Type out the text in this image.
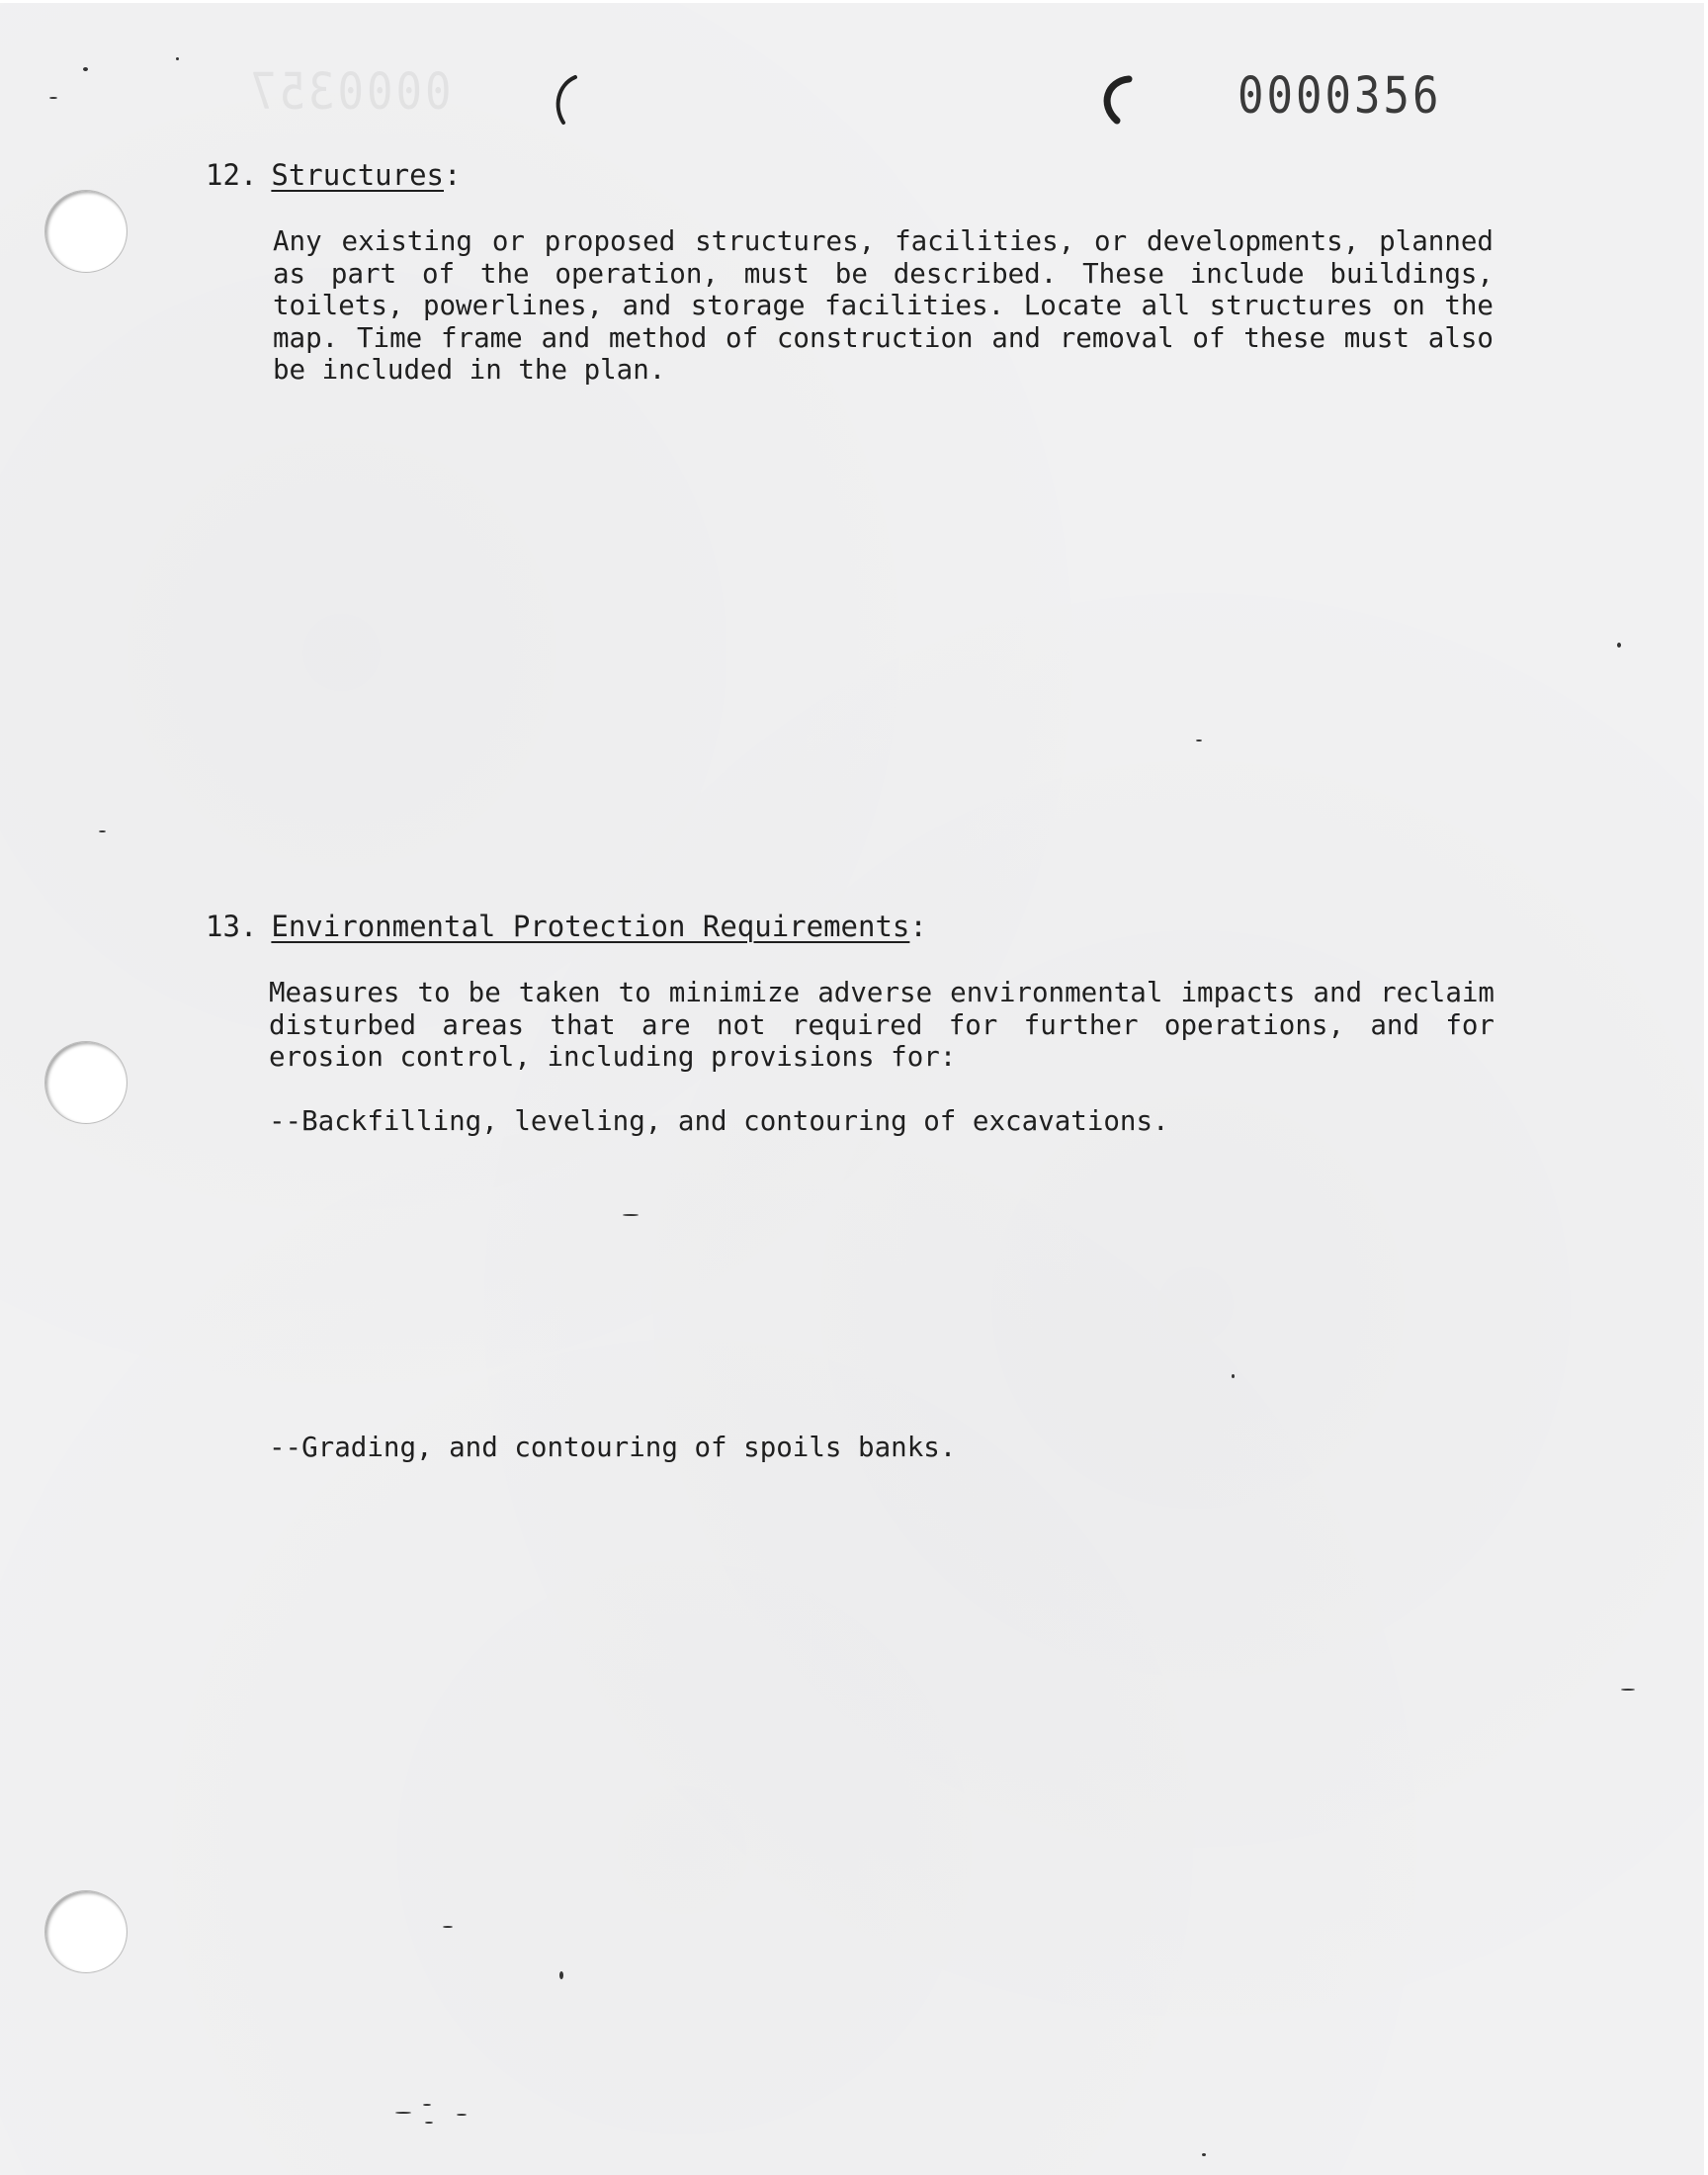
0000357	0000356
12. Structures:
Any existing or proposed structures, facilities, or developments, planned as part of the operation, must be described. These include buildings, toilets, powerlines, and storage facilities. Locate all structures on the map. Time frame and method of construction and removal of these must also be included in the plan.
13. Environmental Protection Requirements:
Measures to be taken to minimize adverse environmental impacts and reclaim disturbed areas that are not required for further operations, and for erosion control, including provisions for:
--Backfilling, leveling, and contouring of excavations.
--Grading, and contouring of spoils banks.
